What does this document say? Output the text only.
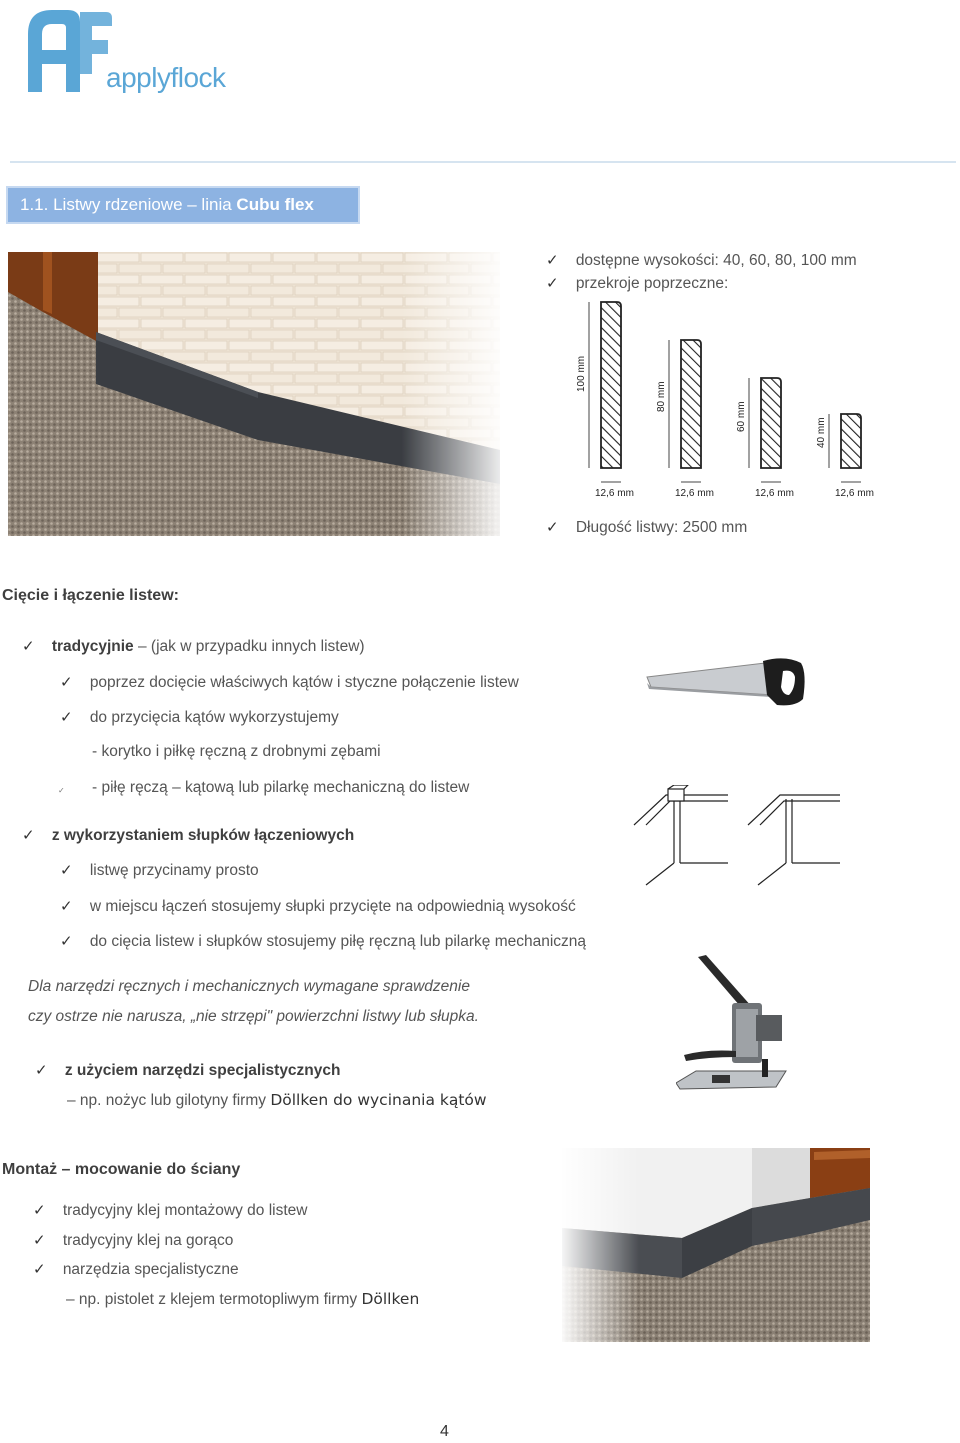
applyflock
1.1. Listwy rdzeniowe – linia Cubu flex
✓ dostępne wysokości: 40, 60, 80, 100 mm
✓ przekroje poprzeczne:
100 mm
80 mm
60 mm
40 mm
12,6 mm	12,6 mm	12,6 mm	12,6 mm
✓ Długość listwy: 2500 mm
Cięcie i łączenie listew:
✓ tradycyjnie – (jak w przypadku innych listew)
✓ poprzez docięcie właściwych kątów i styczne połączenie listew
✓ do przycięcia kątów wykorzystujemy
- korytko i piłkę ręczną z drobnymi zębami
✓ - piłę ręczą – kątową lub pilarkę mechaniczną do listew
✓ z wykorzystaniem słupków łączeniowych
✓ listwę przycinamy prosto
✓ w miejscu łączeń stosujemy słupki przycięte na odpowiednią wysokość
✓ do cięcia listew i słupków stosujemy piłę ręczną lub pilarkę mechaniczną
Dla narzędzi ręcznych i mechanicznych wymagane sprawdzenie
czy ostrze nie narusza, „nie strzępi" powierzchni listwy lub słupka.
✓ z użyciem narzędzi specjalistycznych
– np. nożyc lub gilotyny firmy Döllken do wycinania kątów
Montaż – mocowanie do ściany
✓ tradycyjny klej montażowy do listew
✓ tradycyjny klej na gorąco
✓ narzędzia specjalistyczne
– np. pistolet z klejem termotopliwym firmy Döllken
4
